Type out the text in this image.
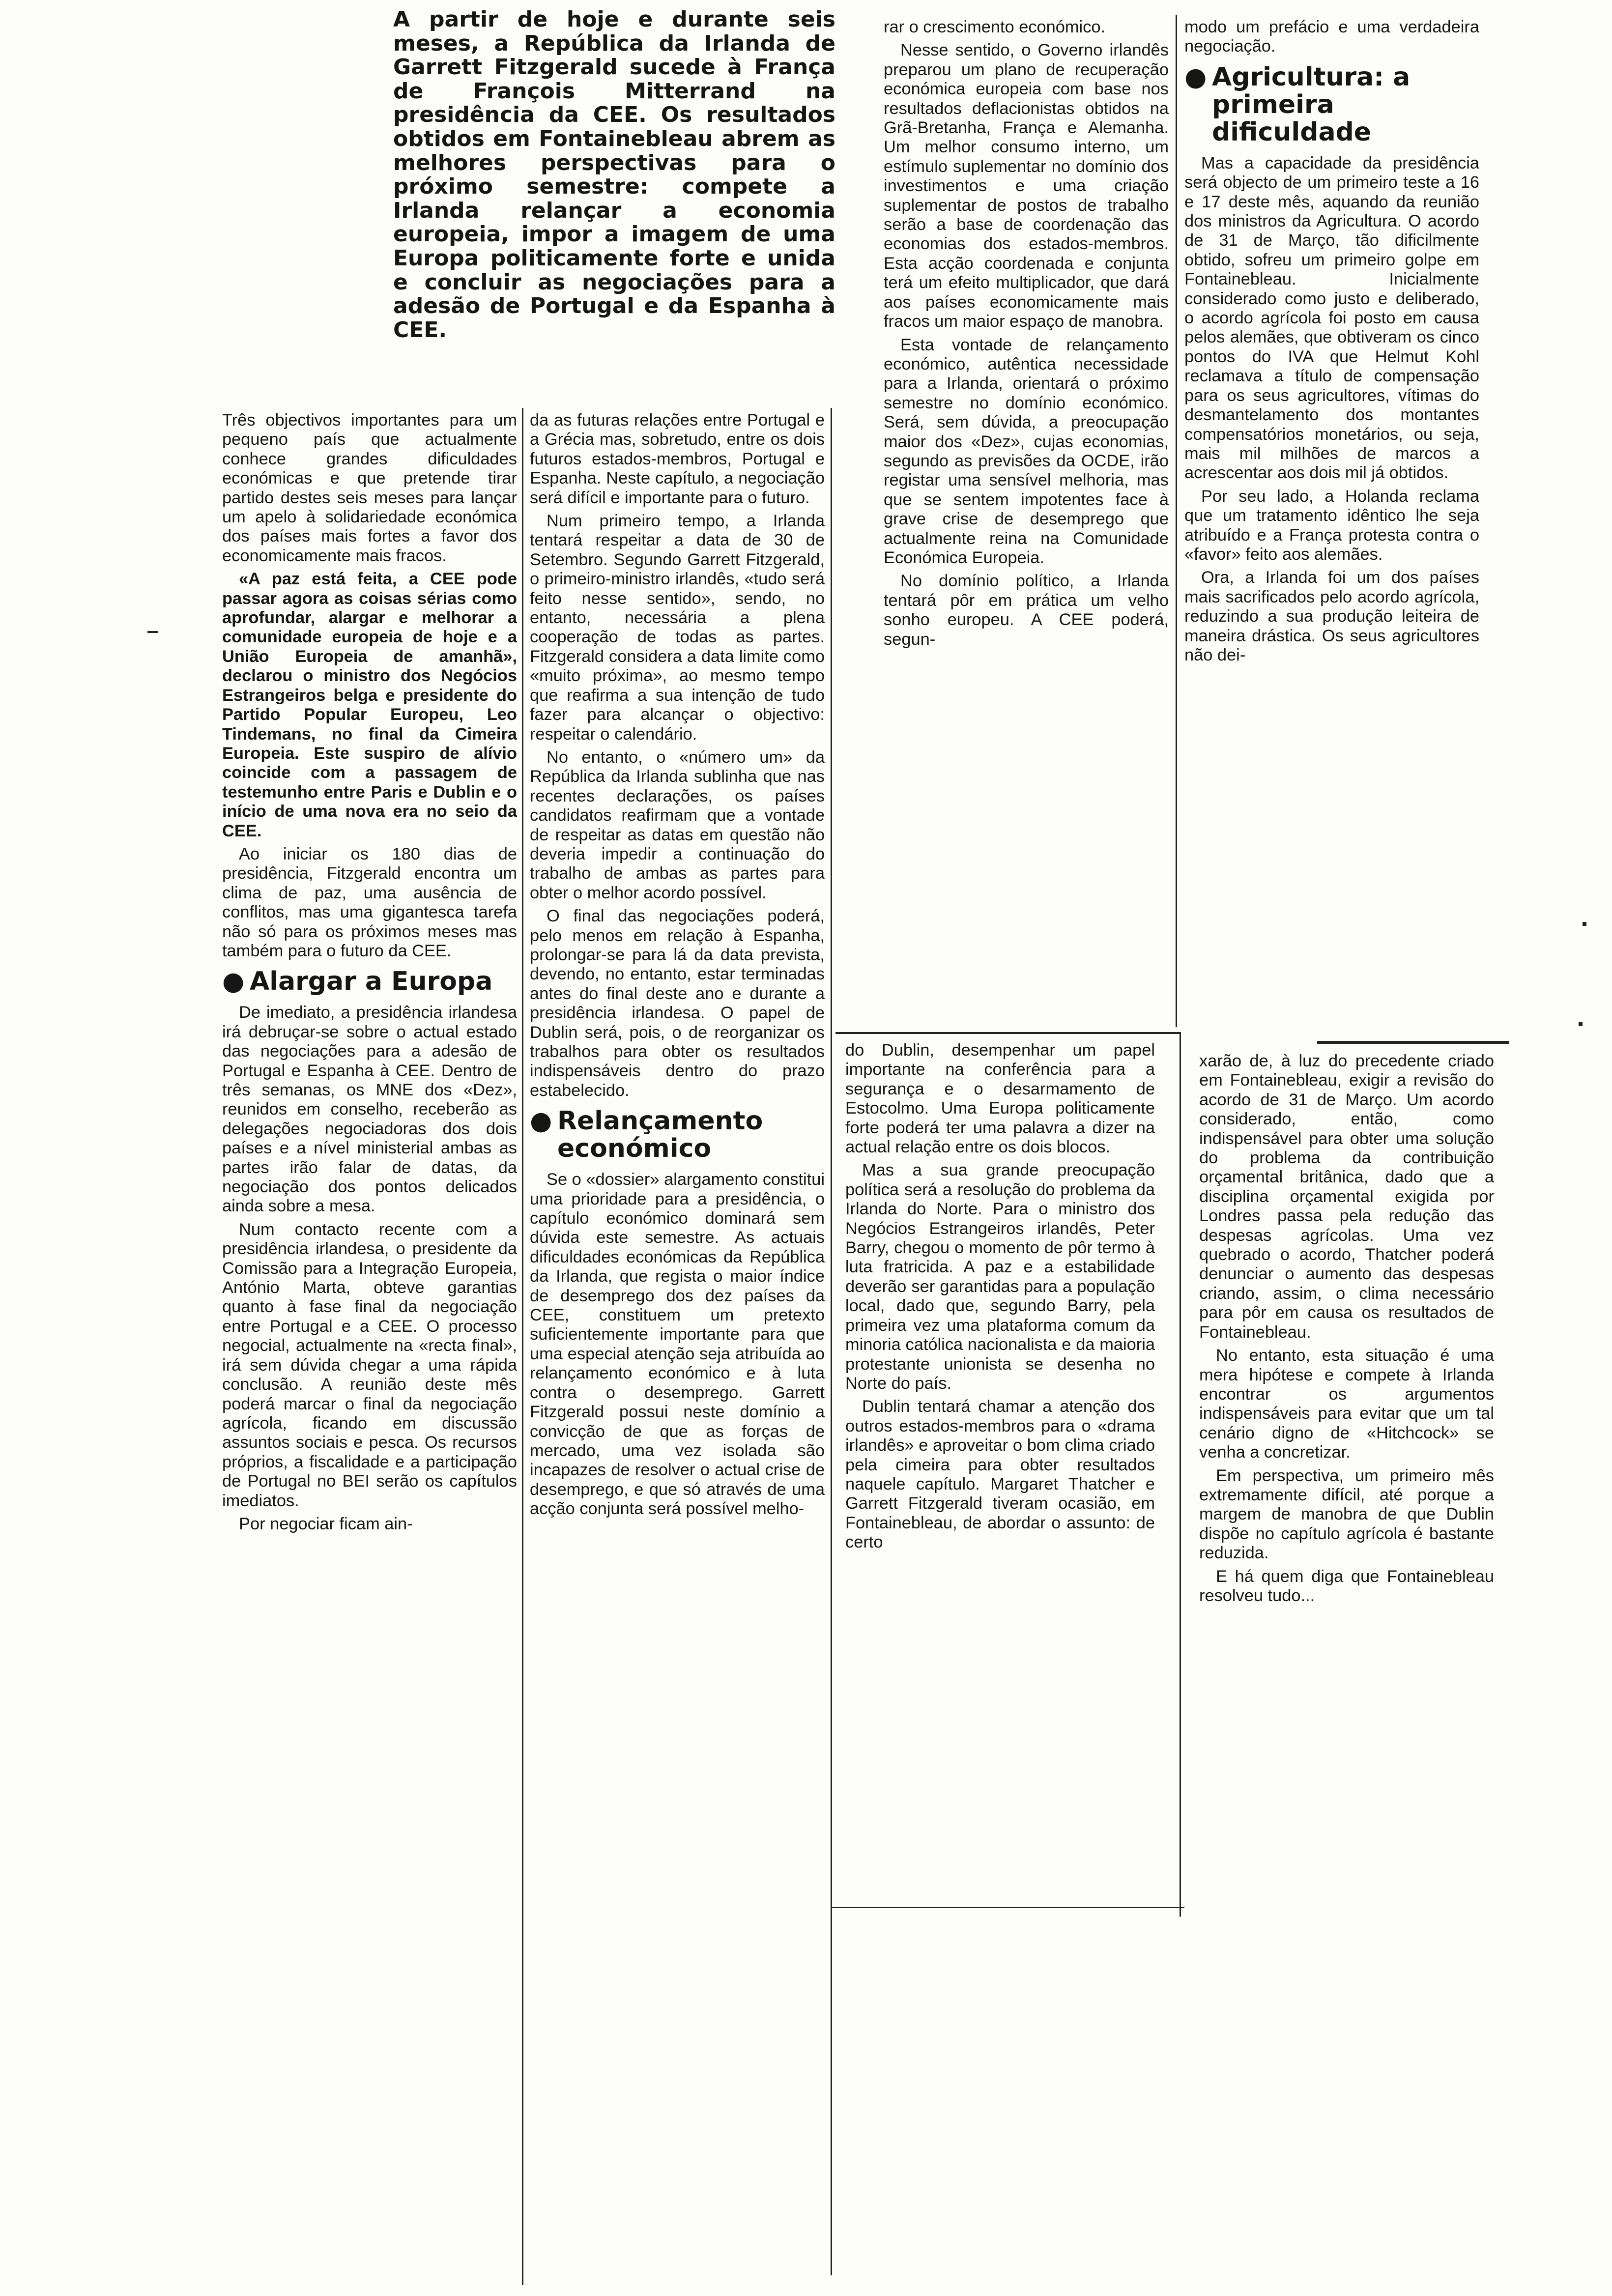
A partir de hoje e durante seis meses, a República da Irlanda de Garrett Fitzgerald sucede à França de François Mitterrand na presidência da CEE. Os resultados obtidos em Fontainebleau abrem as melhores perspectivas para o próximo semestre: compete a Irlanda relançar a economia europeia, impor a imagem de uma Europa politicamente forte e unida e concluir as negociações para a adesão de Portugal e da Espanha à CEE.

Três objectivos importantes para um pequeno país que actualmente conhece grandes dificuldades económicas e que pretende tirar partido destes seis meses para lançar um apelo à solidariedade económica dos países mais fortes a favor dos economicamente mais fracos.

«A paz está feita, a CEE pode passar agora as coisas sérias como aprofundar, alargar e melhorar a comunidade europeia de hoje e a União Europeia de amanhã», declarou o ministro dos Negócios Estrangeiros belga e presidente do Partido Popular Europeu, Leo Tindemans, no final da Cimeira Europeia. Este suspiro de alívio coincide com a passagem de testemunho entre Paris e Dublin e o início de uma nova era no seio da CEE.

Ao iniciar os 180 dias de presidência, Fitzgerald encontra um clima de paz, uma ausência de conflitos, mas uma gigantesca tarefa não só para os próximos meses mas também para o futuro da CEE.

● Alargar a Europa

De imediato, a presidência irlandesa irá debruçar-se sobre o actual estado das negociações para a adesão de Portugal e Espanha à CEE. Dentro de três semanas, os MNE dos «Dez», reunidos em conselho, receberão as delegações negociadoras dos dois países e a nível ministerial ambas as partes irão falar de datas, da negociação dos pontos delicados ainda sobre a mesa.

Num contacto recente com a presidência irlandesa, o presidente da Comissão para a Integração Europeia, António Marta, obteve garantias quanto à fase final da negociação entre Portugal e a CEE. O processo negocial, actualmente na «recta final», irá sem dúvida chegar a uma rápida conclusão. A reunião deste mês poderá marcar o final da negociação agrícola, ficando em discussão assuntos sociais e pesca. Os recursos próprios, a fiscalidade e a participação de Portugal no BEI serão os capítulos imediatos.

Por negociar ficam ain-

da as futuras relações entre Portugal e a Grécia mas, sobretudo, entre os dois futuros estados-membros, Portugal e Espanha. Neste capítulo, a negociação será difícil e importante para o futuro.

Num primeiro tempo, a Irlanda tentará respeitar a data de 30 de Setembro. Segundo Garrett Fitzgerald, o primeiro-ministro irlandês, «tudo será feito nesse sentido», sendo, no entanto, necessária a plena cooperação de todas as partes. Fitzgerald considera a data limite como «muito próxima», ao mesmo tempo que reafirma a sua intenção de tudo fazer para alcançar o objectivo: respeitar o calendário.

No entanto, o «número um» da República da Irlanda sublinha que nas recentes declarações, os países candidatos reafirmam que a vontade de respeitar as datas em questão não deveria impedir a continuação do trabalho de ambas as partes para obter o melhor acordo possível.

O final das negociações poderá, pelo menos em relação à Espanha, prolongar-se para lá da data prevista, devendo, no entanto, estar terminadas antes do final deste ano e durante a presidência irlandesa. O papel de Dublin será, pois, o de reorganizar os trabalhos para obter os resultados indispensáveis dentro do prazo estabelecido.

● Relançamento económico

Se o «dossier» alargamento constitui uma prioridade para a presidência, o capítulo económico dominará sem dúvida este semestre. As actuais dificuldades económicas da República da Irlanda, que regista o maior índice de desemprego dos dez países da CEE, constituem um pretexto suficientemente importante para que uma especial atenção seja atribuída ao relançamento económico e à luta contra o desemprego. Garrett Fitzgerald possui neste domínio a convicção de que as forças de mercado, uma vez isolada são incapazes de resolver o actual crise de desemprego, e que só através de uma acção conjunta será possível melho-

rar o crescimento económico.

Nesse sentido, o Governo irlandês preparou um plano de recuperação económica europeia com base nos resultados deflacionistas obtidos na Grã-Bretanha, França e Alemanha. Um melhor consumo interno, um estímulo suplementar no domínio dos investimentos e uma criação suplementar de postos de trabalho serão a base de coordenação das economias dos estados-membros. Esta acção coordenada e conjunta terá um efeito multiplicador, que dará aos países economicamente mais fracos um maior espaço de manobra.

Esta vontade de relançamento económico, autêntica necessidade para a Irlanda, orientará o próximo semestre no domínio económico. Será, sem dúvida, a preocupação maior dos «Dez», cujas economias, segundo as previsões da OCDE, irão registar uma sensível melhoria, mas que se sentem impotentes face à grave crise de desemprego que actualmente reina na Comunidade Económica Europeia.

No domínio político, a Irlanda tentará pôr em prática um velho sonho europeu. A CEE poderá, segun-

do Dublin, desempenhar um papel importante na conferência para a segurança e o desarmamento de Estocolmo. Uma Europa politicamente forte poderá ter uma palavra a dizer na actual relação entre os dois blocos.

Mas a sua grande preocupação política será a resolução do problema da Irlanda do Norte. Para o ministro dos Negócios Estrangeiros irlandês, Peter Barry, chegou o momento de pôr termo à luta fratricida. A paz e a estabilidade deverão ser garantidas para a população local, dado que, segundo Barry, pela primeira vez uma plataforma comum da minoria católica nacionalista e da maioria protestante unionista se desenha no Norte do país.

Dublin tentará chamar a atenção dos outros estados-membros para o «drama irlandês» e aproveitar o bom clima criado pela cimeira para obter resultados naquele capítulo. Margaret Thatcher e Garrett Fitzgerald tiveram ocasião, em Fontainebleau, de abordar o assunto: de certo

modo um prefácio e uma verdadeira negociação.

● Agricultura: a primeira dificuldade

Mas a capacidade da presidência será objecto de um primeiro teste a 16 e 17 deste mês, aquando da reunião dos ministros da Agricultura. O acordo de 31 de Março, tão dificilmente obtido, sofreu um primeiro golpe em Fontainebleau. Inicialmente considerado como justo e deliberado, o acordo agrícola foi posto em causa pelos alemães, que obtiveram os cinco pontos do IVA que Helmut Kohl reclamava a título de compensação para os seus agricultores, vítimas do desmantelamento dos montantes compensatórios monetários, ou seja, mais mil milhões de marcos a acrescentar aos dois mil já obtidos.

Por seu lado, a Holanda reclama que um tratamento idêntico lhe seja atribuído e a França protesta contra o «favor» feito aos alemães.

Ora, a Irlanda foi um dos países mais sacrificados pelo acordo agrícola, reduzindo a sua produção leiteira de maneira drástica. Os seus agricultores não dei-

xarão de, à luz do precedente criado em Fontainebleau, exigir a revisão do acordo de 31 de Março. Um acordo considerado, então, como indispensável para obter uma solução do problema da contribuição orçamental britânica, dado que a disciplina orçamental exigida por Londres passa pela redução das despesas agrícolas. Uma vez quebrado o acordo, Thatcher poderá denunciar o aumento das despesas criando, assim, o clima necessário para pôr em causa os resultados de Fontainebleau.

No entanto, esta situação é uma mera hipótese e compete à Irlanda encontrar os argumentos indispensáveis para evitar que um tal cenário digno de «Hitchcock» se venha a concretizar.

Em perspectiva, um primeiro mês extremamente difícil, até porque a margem de manobra de que Dublin dispõe no capítulo agrícola é bastante reduzida.

E há quem diga que Fontainebleau resolveu tudo...
